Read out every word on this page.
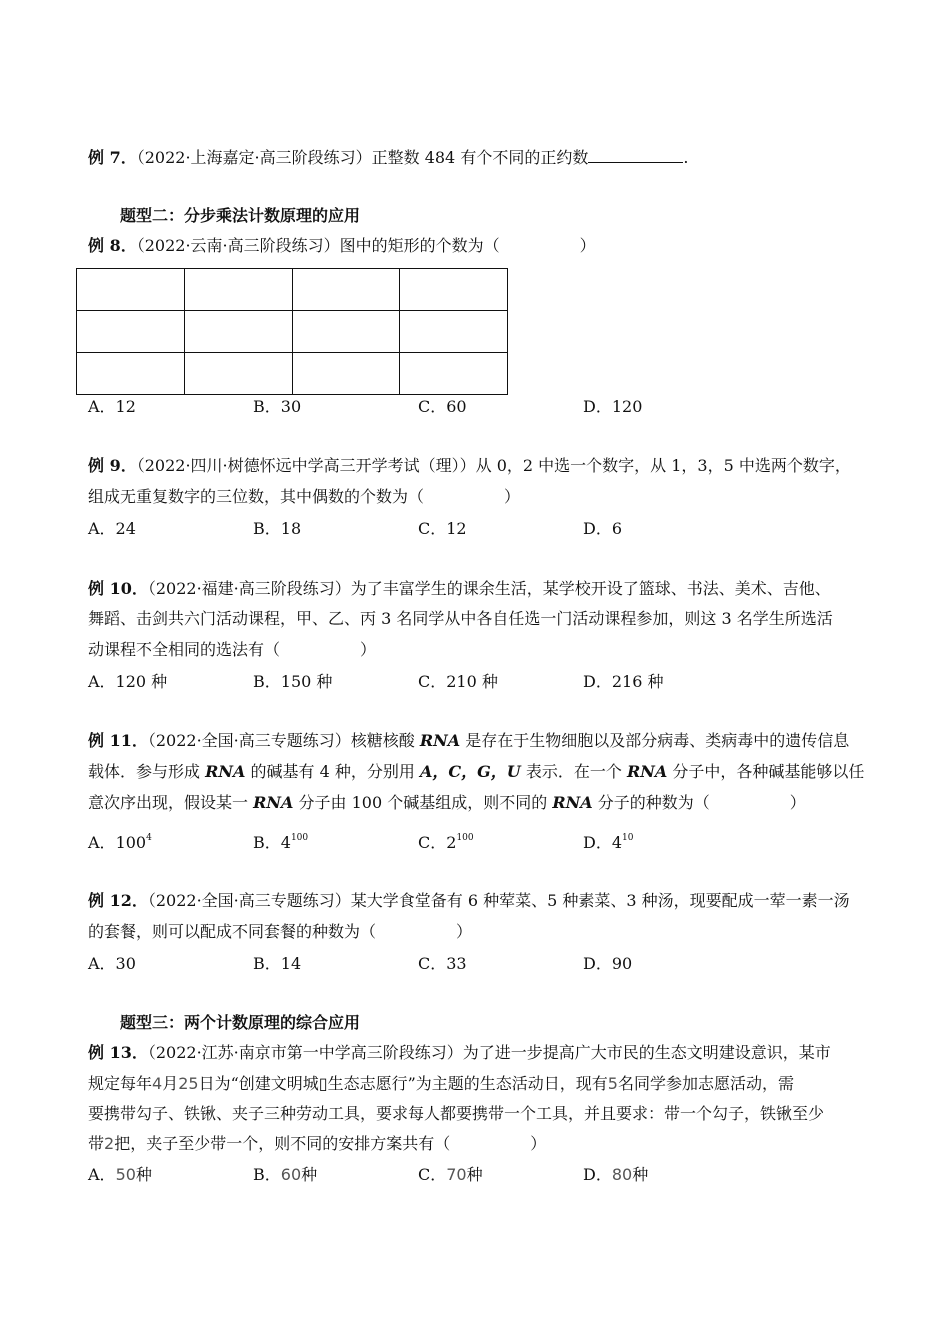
例 7．（2022·上海嘉定·高三阶段练习）正整数 484 有个不同的正约数	.
题型二：分步乘法计数原理的应用
例 8．（2022·云南·高三阶段练习）图中的矩形的个数为（　　　　　）

A．12	B．30	C．60	D．120
例 9．（2022·四川·树德怀远中学高三开学考试（理））从 0，2 中选一个数字，从 1，3，5 中选两个数字，
组成无重复数字的三位数，其中偶数的个数为（　　　　　）
A．24	B．18	C．12	D．6
例 10．（2022·福建·高三阶段练习）为了丰富学生的课余生活，某学校开设了篮球、书法、美术、吉他、
舞蹈、击剑共六门活动课程，甲、乙、丙 3 名同学从中各自任选一门活动课程参加，则这 3 名学生所选活
动课程不全相同的选法有（　　　　　）
A．120 种	B．150 种	C．210 种	D．216 种
例 11．（2022·全国·高三专题练习）核糖核酸 RNA 是存在于生物细胞以及部分病毒、类病毒中的遗传信息
载体．参与形成 RNA 的碱基有 4 种，分别用 A，C，G，U 表示．在一个 RNA 分子中，各种碱基能够以任
意次序出现，假设某一 RNA 分子由 100 个碱基组成，则不同的 RNA 分子的种数为（　　　　　）
A．$100^4$	B．$4^{100}$	C．$2^{100}$	D．$4^{10}$
例 12．（2022·全国·高三专题练习）某大学食堂备有 6 种荤菜、5 种素菜、3 种汤，现要配成一荤一素一汤
的套餐，则可以配成不同套餐的种数为（　　　　　）
A．30	B．14	C．33	D．90
题型三：两个计数原理的综合应用
例 13．（2022·江苏·南京市第一中学高三阶段练习）为了进一步提高广大市民的生态文明建设意识，某市
规定每年4月25日为“创建文明城▯生态志愿行”为主题的生态活动日，现有5名同学参加志愿活动，需
要携带勾子、铁锹、夹子三种劳动工具，要求每人都要携带一个工具，并且要求：带一个勾子，铁锹至少
带2把，夹子至少带一个，则不同的安排方案共有（　　　　　）
A．50种	B．60种	C．70种	D．80种
